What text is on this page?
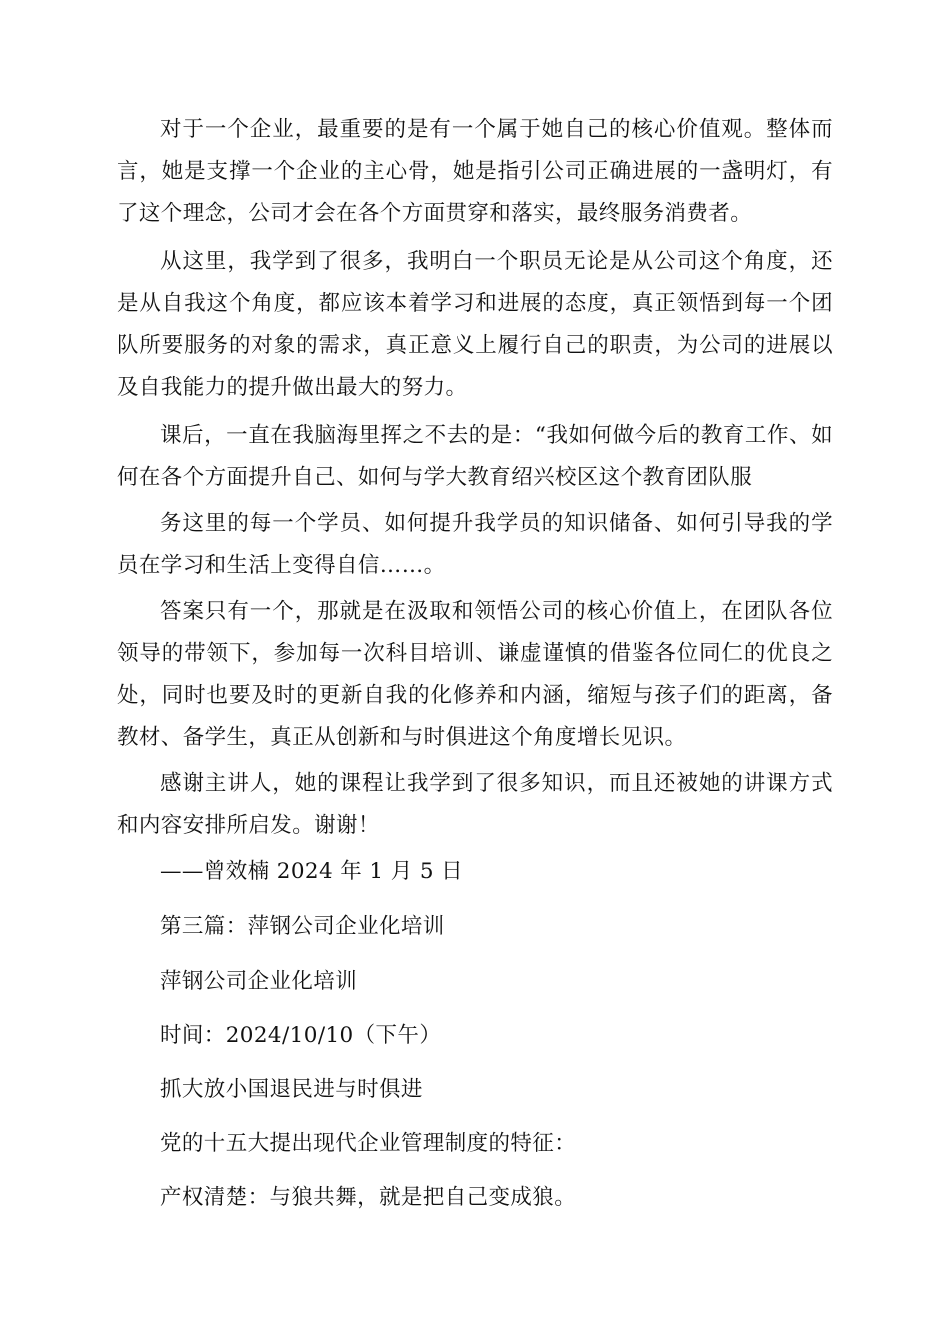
对于一个企业，最重要的是有一个属于她自己的核心价值观。整体而言，她是支撑一个企业的主心骨，她是指引公司正确进展的一盏明灯，有了这个理念，公司才会在各个方面贯穿和落实，最终服务消费者。

从这里，我学到了很多，我明白一个职员无论是从公司这个角度，还是从自我这个角度，都应该本着学习和进展的态度，真正领悟到每一个团队所要服务的对象的需求，真正意义上履行自己的职责，为公司的进展以及自我能力的提升做出最大的努力。

课后，一直在我脑海里挥之不去的是：“我如何做今后的教育工作、如何在各个方面提升自己、如何与学大教育绍兴校区这个教育团队服

务这里的每一个学员、如何提升我学员的知识储备、如何引导我的学员在学习和生活上变得自信……。

答案只有一个，那就是在汲取和领悟公司的核心价值上，在团队各位领导的带领下，参加每一次科目培训、谦虚谨慎的借鉴各位同仁的优良之处，同时也要及时的更新自我的化修养和内涵，缩短与孩子们的距离，备教材、备学生，真正从创新和与时俱进这个角度增长见识。

感谢主讲人，她的课程让我学到了很多知识，而且还被她的讲课方式和内容安排所启发。谢谢！

——曾效楠 2024 年 1 月 5 日

第三篇：萍钢公司企业化培训

萍钢公司企业化培训

时间：2024/10/10（下午）

抓大放小国退民进与时俱进

党的十五大提出现代企业管理制度的特征：

产权清楚：与狼共舞，就是把自己变成狼。
